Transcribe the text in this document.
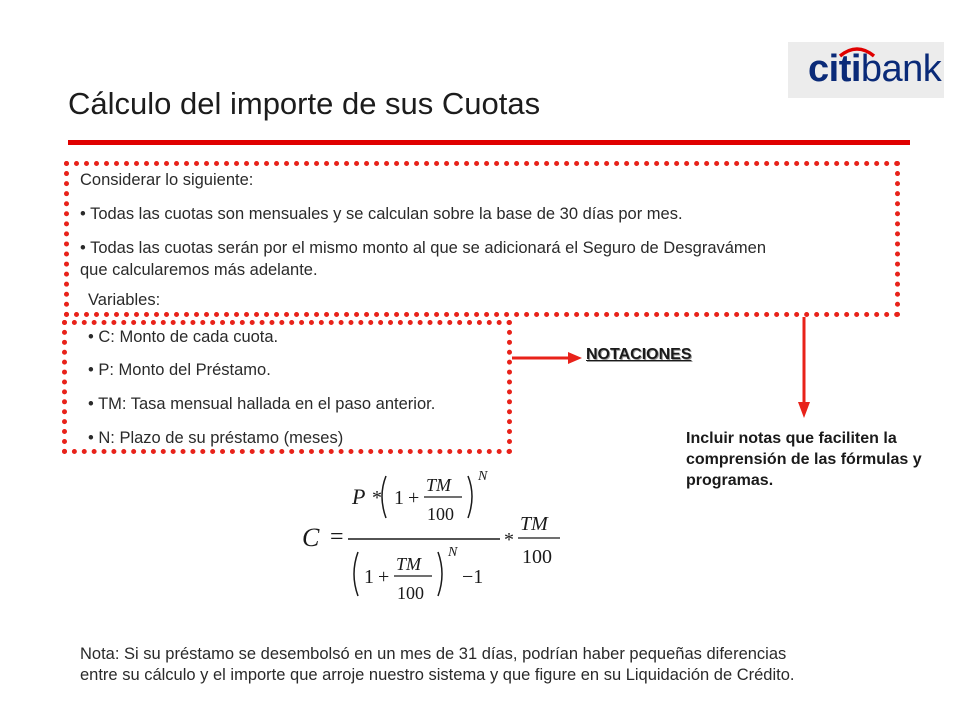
citibank
Cálculo del importe de sus Cuotas
Considerar lo siguiente:
• Todas las cuotas son mensuales y se calculan sobre la base de 30 días por mes.
• Todas las cuotas serán por el mismo monto al que se adicionará el Seguro de Desgravámen
que calcularemos más adelante.
Variables:
• C: Monto de cada cuota.
• P: Monto del Préstamo.
• TM: Tasa mensual hallada en el paso anterior.
• N: Plazo de su préstamo (meses)
NOTACIONES
Incluir notas que faciliten la comprensión de las fórmulas y programas.
C =
P * 1 +
TM
100
N
1 +
TM
100
N
−1
*
TM
100
Nota: Si su préstamo se desembolsó en un mes de 31 días, podrían haber pequeñas diferencias
entre su cálculo y el importe que arroje nuestro sistema y que figure en su Liquidación de Crédito.
